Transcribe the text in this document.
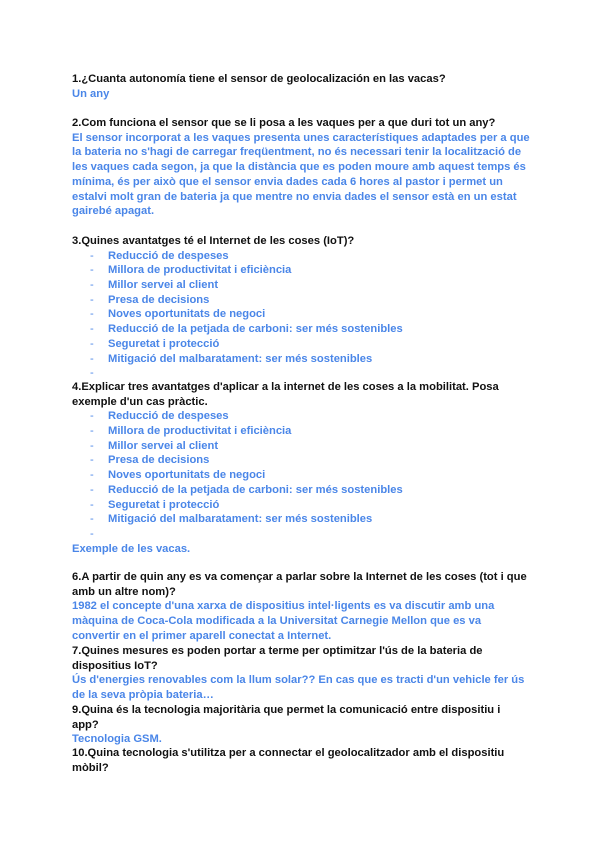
1.¿Cuanta autonomía tiene el sensor de geolocalización en las vacas?

Un any

2.Com funciona el sensor que se li posa a les vaques per a que duri tot un any?

El sensor incorporat a les vaques presenta unes característiques adaptades per a que

la bateria no s'hagi de carregar freqüentment, no és necessari tenir la localització de

les vaques cada segon, ja que la distància que es poden moure amb aquest temps és

mínima, és per això que el sensor envia dades cada 6 hores al pastor i permet un

estalvi molt gran de bateria ja que mentre no envia dades el sensor està en un estat

gairebé apagat.

3.Quines avantatges té el Internet de les coses (IoT)?

- Reducció de despeses
- Millora de productivitat i eficiència
- Millor servei al client
- Presa de decisions
- Noves oportunitats de negoci
- Reducció de la petjada de carboni: ser més sostenibles
- Seguretat i protecció
- Mitigació del malbaratament: ser més sostenibles
-

4.Explicar tres avantatges d'aplicar a la internet de les coses a la mobilitat. Posa

exemple d'un cas pràctic.

- Reducció de despeses
- Millora de productivitat i eficiència
- Millor servei al client
- Presa de decisions
- Noves oportunitats de negoci
- Reducció de la petjada de carboni: ser més sostenibles
- Seguretat i protecció
- Mitigació del malbaratament: ser més sostenibles
-

Exemple de les vacas.

6.A partir de quin any es va començar a parlar sobre la Internet de les coses (tot i que

amb un altre nom)?

1982 el concepte d'una xarxa de dispositius intel·ligents es va discutir amb una

màquina de Coca-Cola modificada a la Universitat Carnegie Mellon que es va

convertir en el primer aparell conectat a Internet.

7.Quines mesures es poden portar a terme per optimitzar l'ús de la bateria de

dispositius IoT?

Ús d'energies renovables com la llum solar?? En cas que es tracti d'un vehicle fer ús

de la seva pròpia bateria…

9.Quina és la tecnologia majoritària que permet la comunicació entre dispositiu i

app?

Tecnologia GSM.

10.Quina tecnologia s'utilitza per a connectar el geolocalitzador amb el dispositiu

mòbil?
